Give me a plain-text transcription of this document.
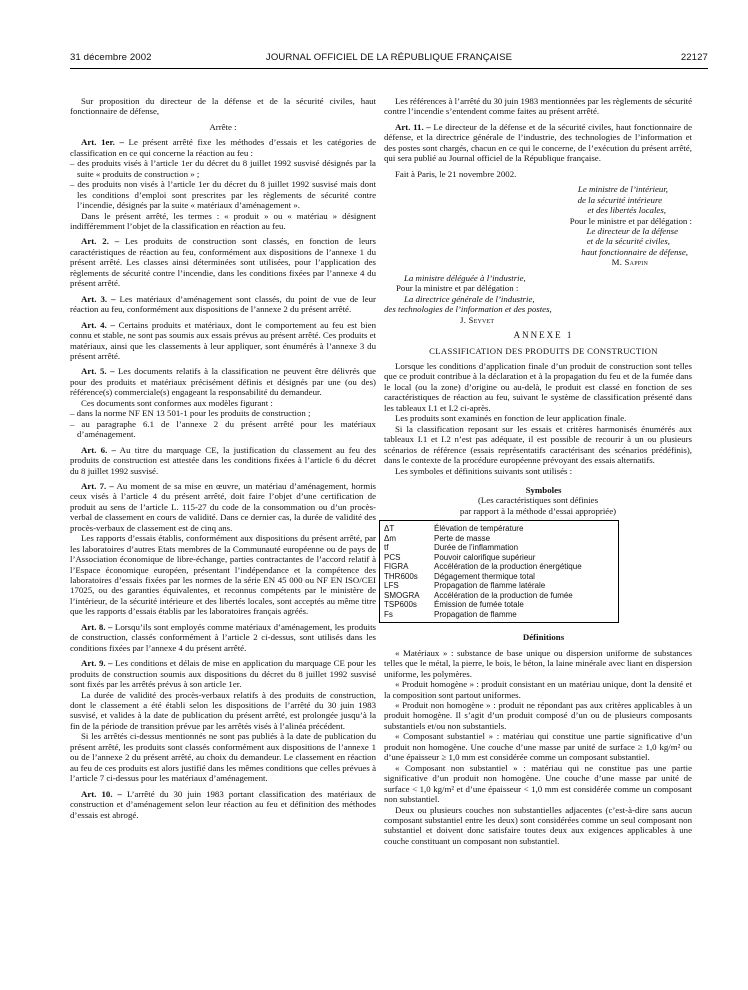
31 décembre 2002	JOURNAL OFFICIEL DE LA RÉPUBLIQUE FRANÇAISE	22127

Sur proposition du directeur de la défense et de la sécurité civiles, haut fonctionnaire de défense,

Arrête :

Art. 1er. – Le présent arrêté fixe les méthodes d’essais et les catégories de classification en ce qui concerne la réaction au feu :

– des produits visés à l’article 1er du décret du 8 juillet 1992 susvisé désignés par la suite « produits de construction » ;
– des produits non visés à l’article 1er du décret du 8 juillet 1992 susvisé mais dont les conditions d’emploi sont prescrites par les règlements de sécurité contre l’incendie, désignés par la suite « matériaux d’aménagement ».

Dans le présent arrêté, les termes : « produit » ou « matériau » désignent indifféremment l’objet de la classification en réaction au feu.

Art. 2. – Les produits de construction sont classés, en fonction de leurs caractéristiques de réaction au feu, conformément aux dispositions de l’annexe 1 du présent arrêté. Les classes ainsi déterminées sont utilisées, pour l’application des règlements de sécurité contre l’incendie, dans les conditions fixées par l’annexe 4 du présent arrêté.

Art. 3. – Les matériaux d’aménagement sont classés, du point de vue de leur réaction au feu, conformément aux dispositions de l’annexe 2 du présent arrêté.

Art. 4. – Certains produits et matériaux, dont le comportement au feu est bien connu et stable, ne sont pas soumis aux essais prévus au présent arrêté. Ces produits et matériaux, ainsi que les classements à leur appliquer, sont énumérés à l’annexe 3 du présent arrêté.

Art. 5. – Les documents relatifs à la classification ne peuvent être délivrés que pour des produits et matériaux précisément définis et désignés par une (ou des) référence(s) commerciale(s) engageant la responsabilité du demandeur.

Ces documents sont conformes aux modèles figurant :

– dans la norme NF EN 13 501-1 pour les produits de construction ;
– au paragraphe 6.1 de l’annexe 2 du présent arrêté pour les matériaux d’aménagement.

Art. 6. – Au titre du marquage CE, la justification du classement au feu des produits de construction est attestée dans les conditions fixées à l’article 6 du décret du 8 juillet 1992 susvisé.

Art. 7. – Au moment de sa mise en œuvre, un matériau d’aménagement, hormis ceux visés à l’article 4 du présent arrêté, doit faire l’objet d’une certification de produit au sens de l’article L. 115-27 du code de la consommation ou d’un procès-verbal de classement en cours de validité. Dans ce dernier cas, la durée de validité des procès-verbaux de classement est de cinq ans.

Les rapports d’essais établis, conformément aux dispositions du présent arrêté, par les laboratoires d’autres Etats membres de la Communauté européenne ou de pays de l’Association économique de libre-échange, parties contractantes de l’accord relatif à l’Espace économique européen, présentant l’indépendance et la compétence des laboratoires d’essais fixées par les normes de la série EN 45 000 ou NF EN ISO/CEI 17025, ou des garanties équivalentes, et reconnus compétents par le ministère de l’intérieur, de la sécurité intérieure et des libertés locales, sont acceptés au même titre que les rapports d’essais établis par les laboratoires français agréés.

Art. 8. – Lorsqu’ils sont employés comme matériaux d’aménagement, les produits de construction, classés conformément à l’article 2 ci-dessus, sont utilisés dans les conditions fixées par l’annexe 4 du présent arrêté.

Art. 9. – Les conditions et délais de mise en application du marquage CE pour les produits de construction soumis aux dispositions du décret du 8 juillet 1992 susvisé sont fixés par les arrêtés prévus à son article 1er.

La durée de validité des procès-verbaux relatifs à des produits de construction, dont le classement a été établi selon les dispositions de l’arrêté du 30 juin 1983 susvisé, et valides à la date de publication du présent arrêté, est prolongée jusqu’à la fin de la période de transition prévue par les arrêtés visés à l’alinéa précédent.

Si les arrêtés ci-dessus mentionnés ne sont pas publiés à la date de publication du présent arrêté, les produits sont classés conformément aux dispositions de l’annexe 1 ou de l’annexe 2 du présent arrêté, au choix du demandeur. Le classement en réaction au feu de ces produits est alors justifié dans les mêmes conditions que celles prévues à l’article 7 ci-dessus pour les matériaux d’aménagement.

Art. 10. – L’arrêté du 30 juin 1983 portant classification des matériaux de construction et d’aménagement selon leur réaction au feu et définition des méthodes d’essais est abrogé.

Les références à l’arrêté du 30 juin 1983 mentionnées par les règlements de sécurité contre l’incendie s’entendent comme faites au présent arrêté.

Art. 11. – Le directeur de la défense et de la sécurité civiles, haut fonctionnaire de défense, et la directrice générale de l’industrie, des technologies de l’information et des postes sont chargés, chacun en ce qui le concerne, de l’exécution du présent arrêté, qui sera publié au Journal officiel de la République française.

Fait à Paris, le 21 novembre 2002.

Le ministre de l’intérieur,

de la sécurité intérieure

et des libertés locales,

Pour le ministre et par délégation :

Le directeur de la défense

et de la sécurité civiles,

haut fonctionnaire de défense,

M. Sappin

La ministre déléguée à l’industrie,

Pour la ministre et par délégation :

La directrice générale de l’industrie,

des technologies de l’information et des postes,

J. Seyvet

ANNEXE 1

CLASSIFICATION DES PRODUITS DE CONSTRUCTION

Lorsque les conditions d’application finale d’un produit de construction sont telles que ce produit contribue à la déclaration et à la propagation du feu et de la fumée dans le local (ou la zone) d’origine ou au-delà, le produit est classé en fonction de ses caractéristiques de réaction au feu, suivant le système de classification présenté dans les tableaux I.1 et I.2 ci-après.

Les produits sont examinés en fonction de leur application finale.

Si la classification reposant sur les essais et critères harmonisés énumérés aux tableaux I.1 et I.2 n’est pas adéquate, il est possible de recourir à un ou plusieurs scénarios de référence (essais représentatifs caractérisant des scénarios prédéfinis), dans le contexte de la procédure européenne prévoyant des essais alternatifs.

Les symboles et définitions suivants sont utilisés :

Symboles

(Les caractéristiques sont définies

par rapport à la méthode d’essai appropriée)

ΔT	Élévation de température
Δm	Perte de masse
tf	Durée de l’inflammation
PCS	Pouvoir calorifique supérieur
FIGRA	Accélération de la production énergétique
THR600s	Dégagement thermique total
LFS	Propagation de flamme latérale
SMOGRA	Accélération de la production de fumée
TSP600s	Émission de fumée totale
Fs	Propagation de flamme

Définitions

« Matériaux » : substance de base unique ou dispersion uniforme de substances telles que le métal, la pierre, le bois, le béton, la laine minérale avec liant en dispersion uniforme, les polymères.

« Produit homogène » : produit consistant en un matériau unique, dont la densité et la composition sont partout uniformes.

« Produit non homogène » : produit ne répondant pas aux critères applicables à un produit homogène. Il s’agit d’un produit composé d’un ou de plusieurs composants substantiels et/ou non substantiels.

« Composant substantiel » : matériau qui constitue une partie significative d’un produit non homogène. Une couche d’une masse par unité de surface ≥ 1,0 kg/m² ou d’une épaisseur ≥ 1,0 mm est considérée comme un composant substantiel.

« Composant non substantiel » : matériau qui ne constitue pas une partie significative d’un produit non homogène. Une couche d’une masse par unité de surface < 1,0 kg/m² et d’une épaisseur < 1,0 mm est considérée comme un composant non substantiel.

Deux ou plusieurs couches non substantielles adjacentes (c’est-à-dire sans aucun composant substantiel entre les deux) sont considérées comme un seul composant non substantiel et doivent donc satisfaire toutes deux aux exigences applicables à une couche constituant un composant non substantiel.
